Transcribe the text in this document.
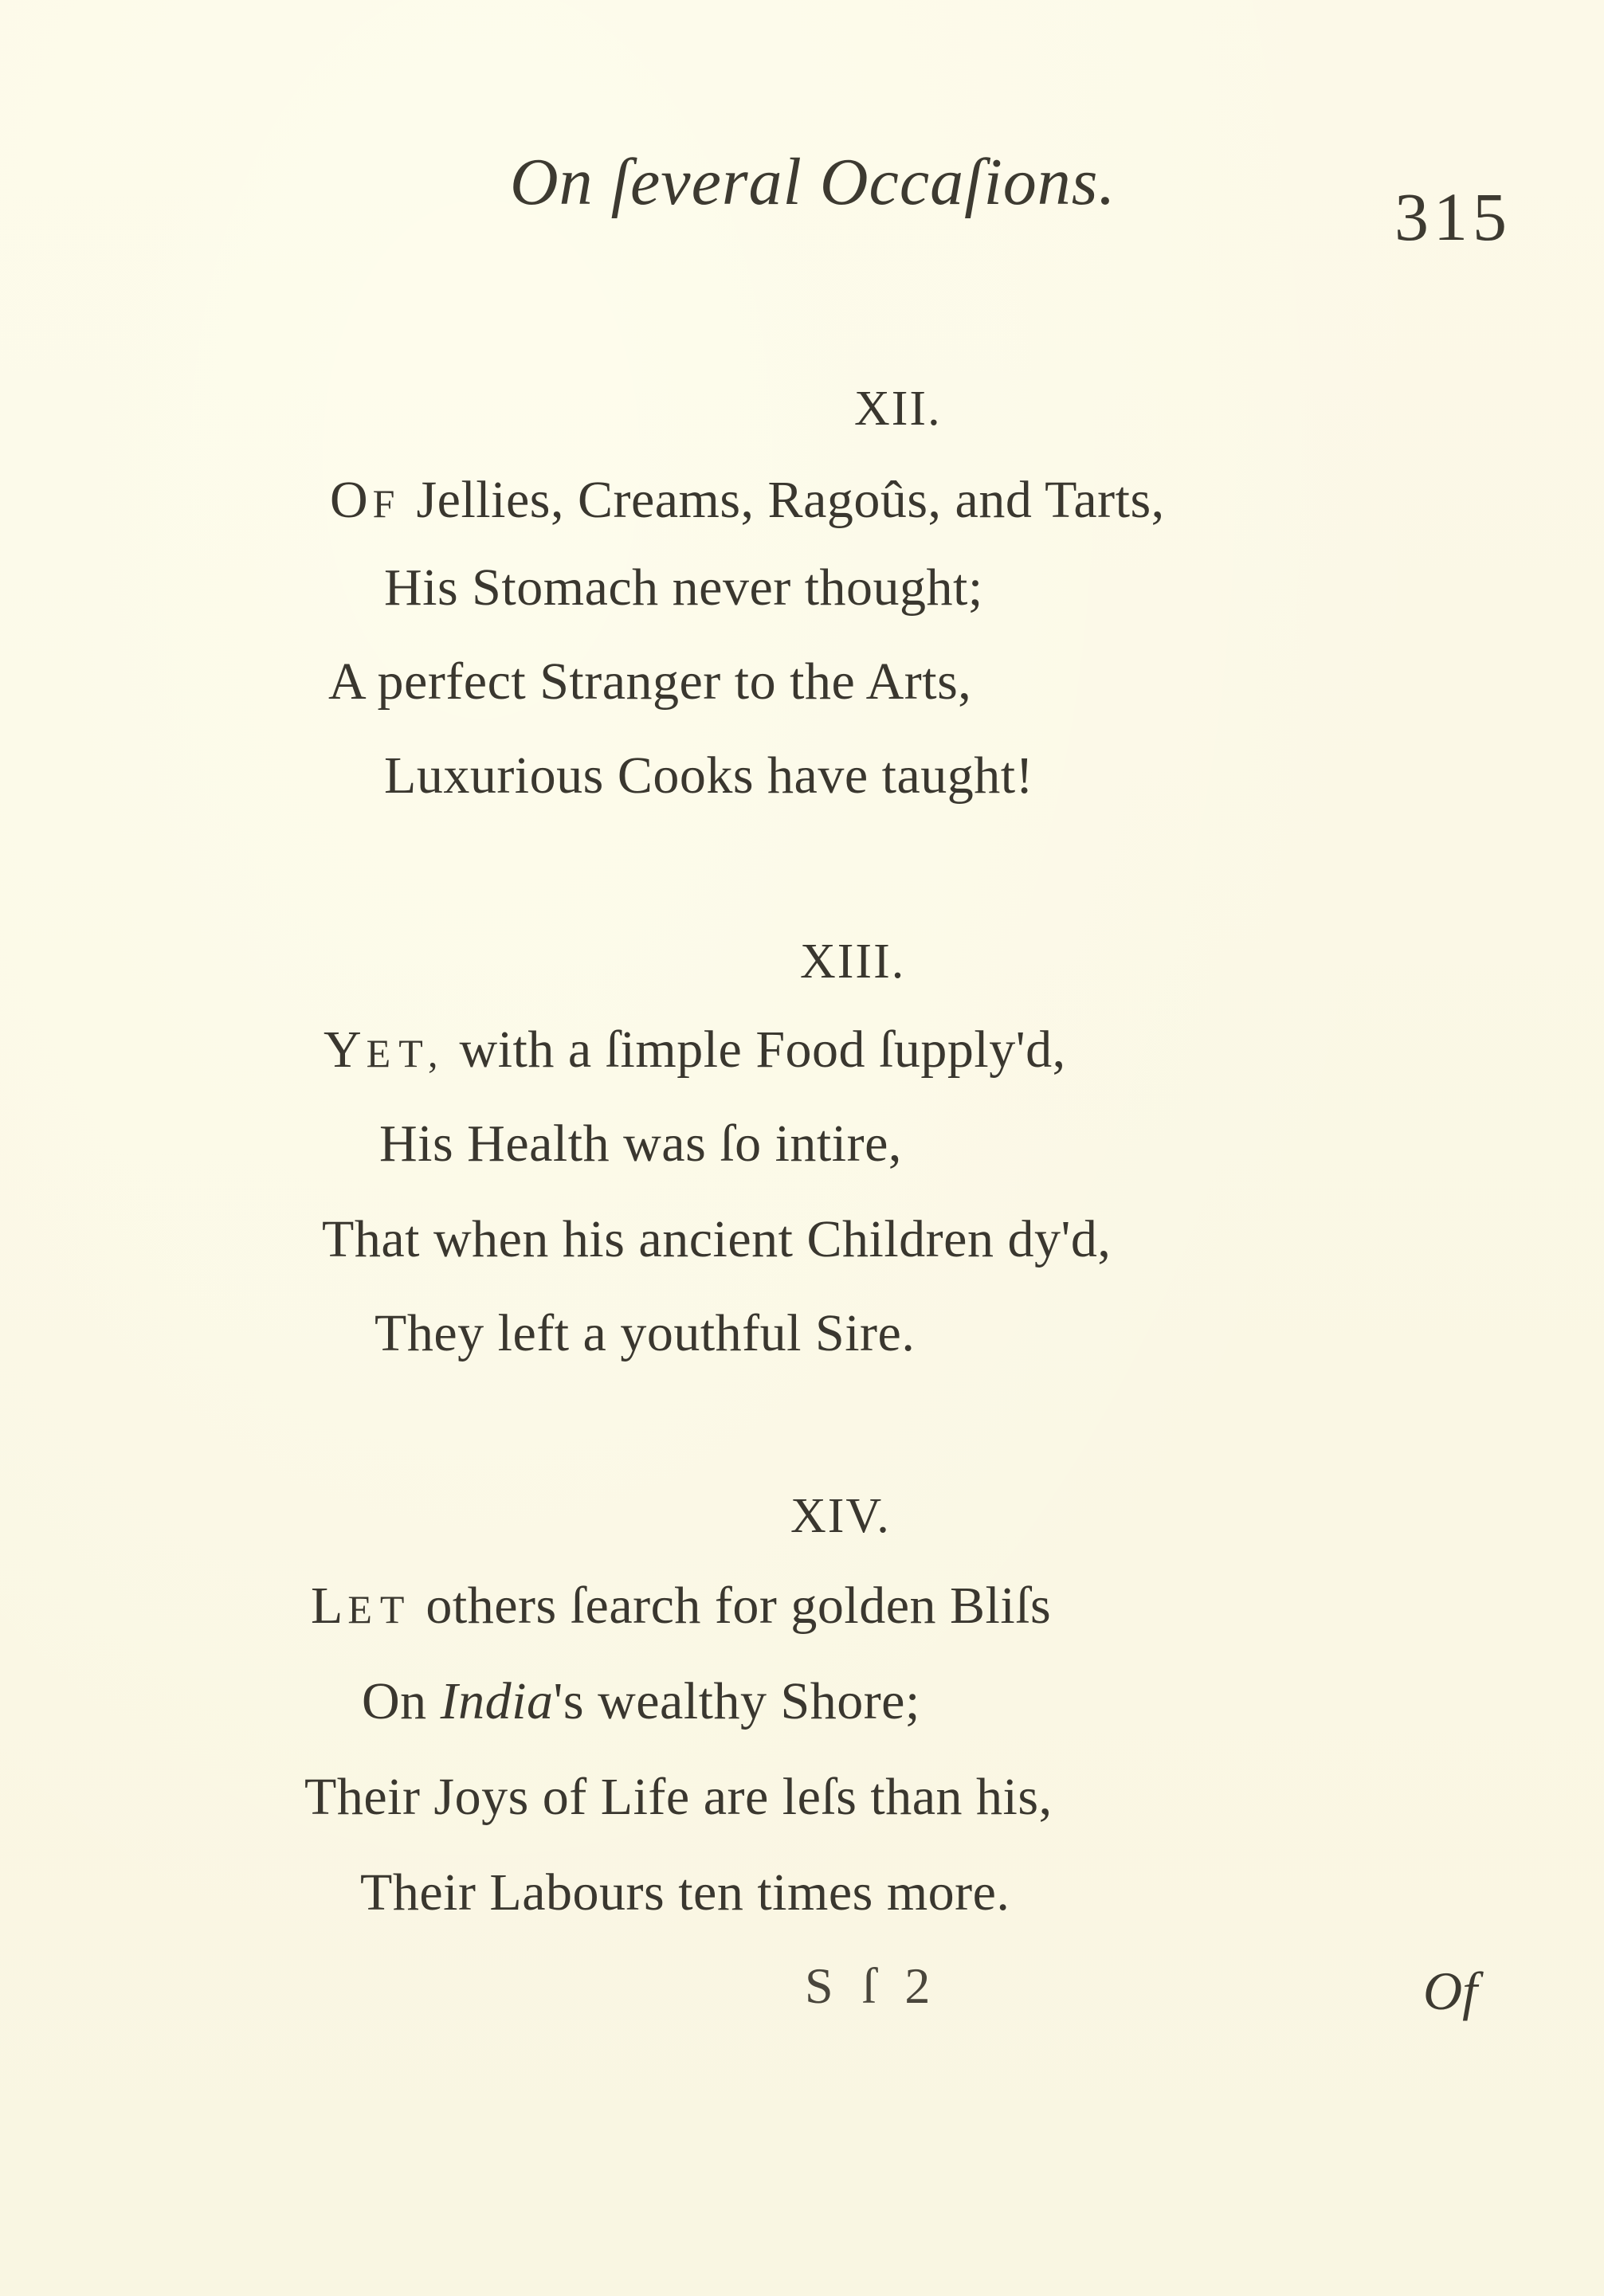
On ſeveral Occaſions.	315
XII.
OF Jellies, Creams, Ragoûs, and Tarts,
His Stomach never thought;
A perfect Stranger to the Arts,
Luxurious Cooks have taught!
XIII.
YET, with a ſimple Food ſupply'd,
His Health was ſo intire,
That when his ancient Children dy'd,
They left a youthful Sire.
XIV.
LET others ſearch for golden Bliſs
On India's wealthy Shore;
Their Joys of Life are leſs than his,
Their Labours ten times more.
S ſ 2	Of
